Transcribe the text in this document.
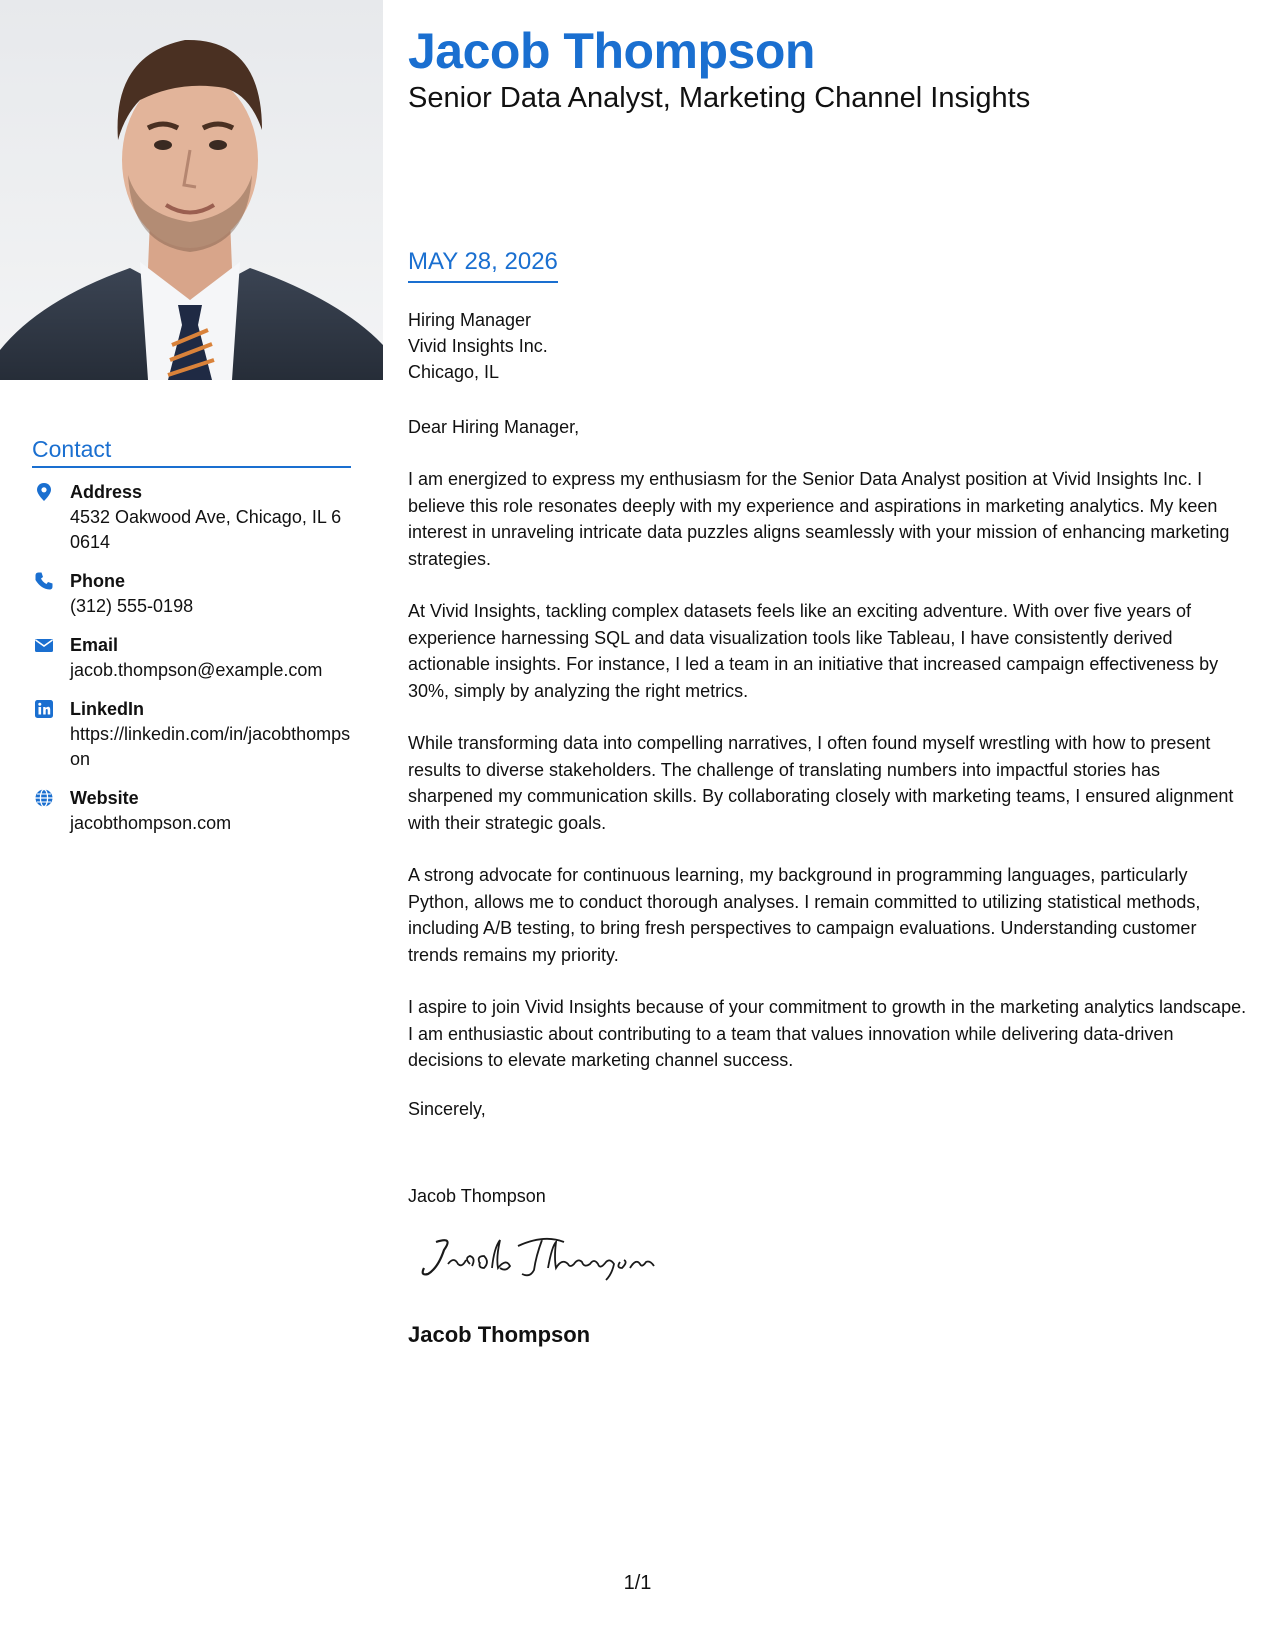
Contact
Address
4532 Oakwood Ave, Chicago, IL 60614
Phone
(312) 555-0198
Email
jacob.thompson@example.com
LinkedIn
https://linkedin.com/in/jacobthompson
Website
jacobthompson.com
Jacob Thompson
Senior Data Analyst, Marketing Channel Insights
MAY 28, 2026
Hiring Manager
Vivid Insights Inc.
Chicago, IL
Dear Hiring Manager,

I am energized to express my enthusiasm for the Senior Data Analyst position at Vivid Insights Inc. I believe this role resonates deeply with my experience and aspirations in marketing analytics. My keen interest in unraveling intricate data puzzles aligns seamlessly with your mission of enhancing marketing strategies.

At Vivid Insights, tackling complex datasets feels like an exciting adventure. With over five years of experience harnessing SQL and data visualization tools like Tableau, I have consistently derived actionable insights. For instance, I led a team in an initiative that increased campaign effectiveness by 30%, simply by analyzing the right metrics.

While transforming data into compelling narratives, I often found myself wrestling with how to present results to diverse stakeholders. The challenge of translating numbers into impactful stories has sharpened my communication skills. By collaborating closely with marketing teams, I ensured alignment with their strategic goals.

A strong advocate for continuous learning, my background in programming languages, particularly Python, allows me to conduct thorough analyses. I remain committed to utilizing statistical methods, including A/B testing, to bring fresh perspectives to campaign evaluations. Understanding customer trends remains my priority.

I aspire to join Vivid Insights because of your commitment to growth in the marketing analytics landscape. I am enthusiastic about contributing to a team that values innovation while delivering data-driven decisions to elevate marketing channel success.

Sincerely,
Jacob Thompson
Jacob Thompson
1/1
